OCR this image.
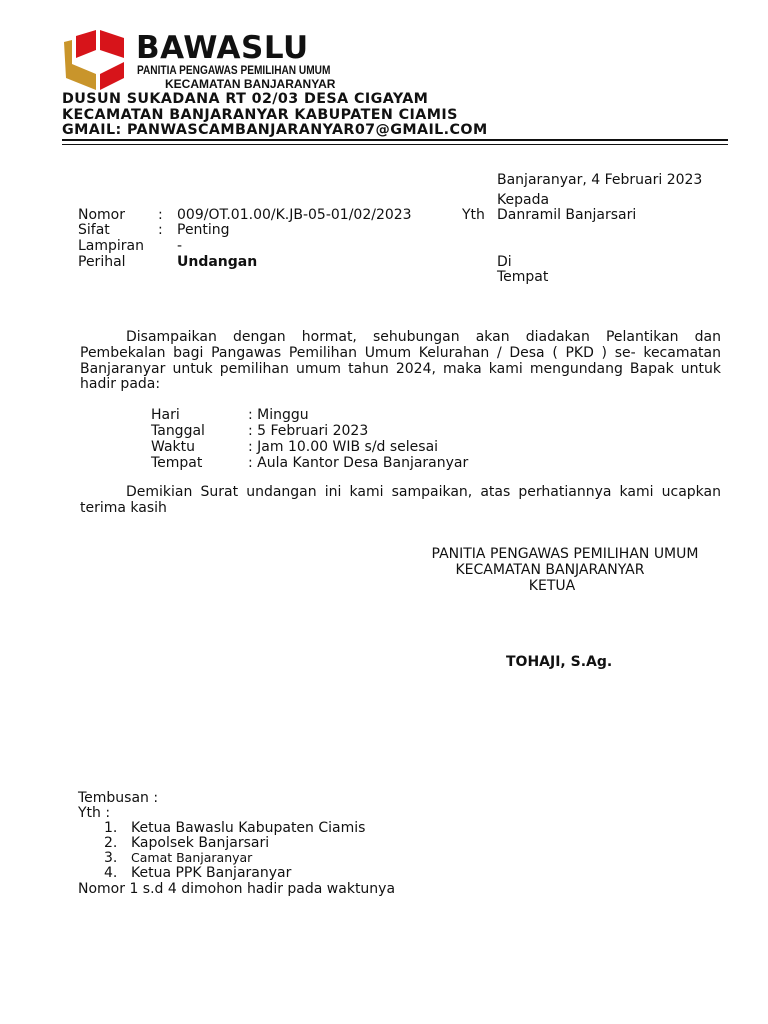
BAWASLU
PANITIA PENGAWAS PEMILIHAN UMUM
KECAMATAN BANJARANYAR
DUSUN SUKADANA RT 02/03 DESA CIGAYAM
KECAMATAN BANJARANYAR KABUPATEN CIAMIS
GMAIL: PANWASCAMBANJARANYAR07@GMAIL.COM
Banjaranyar, 4 Februari 2023
Nomor : 009/OT.01.00/K.JB-05-01/02/2023
Sifat	: Penting
Lampiran -
Perihal	Undangan
Kepada
Yth Danramil Banjarsari
Di
Tempat

Disampaikan dengan hormat, sehubungan akan diadakan Pelantikan dan Pembekalan bagi Pangawas Pemilihan Umum Kelurahan / Desa ( PKD ) se- kecamatan Banjaranyar untuk pemilihan umum tahun 2024, maka kami mengundang Bapak untuk hadir pada:

Hari	: Minggu
Tanggal	: 5 Februari 2023
Waktu	: Jam 10.00 WIB s/d selesai
Tempat	: Aula Kantor Desa Banjaranyar

Demikian Surat undangan ini kami sampaikan, atas perhatiannya kami ucapkan terima kasih

PANITIA PENGAWAS PEMILIHAN UMUM
KECAMATAN BANJARANYAR
KETUA
TOHAJI, S.Ag.
Tembusan :
Yth :
1. Ketua Bawaslu Kabupaten Ciamis
2. Kapolsek Banjarsari
3. Camat Banjaranyar
4. Ketua PPK Banjaranyar
Nomor 1 s.d 4 dimohon hadir pada waktunya
